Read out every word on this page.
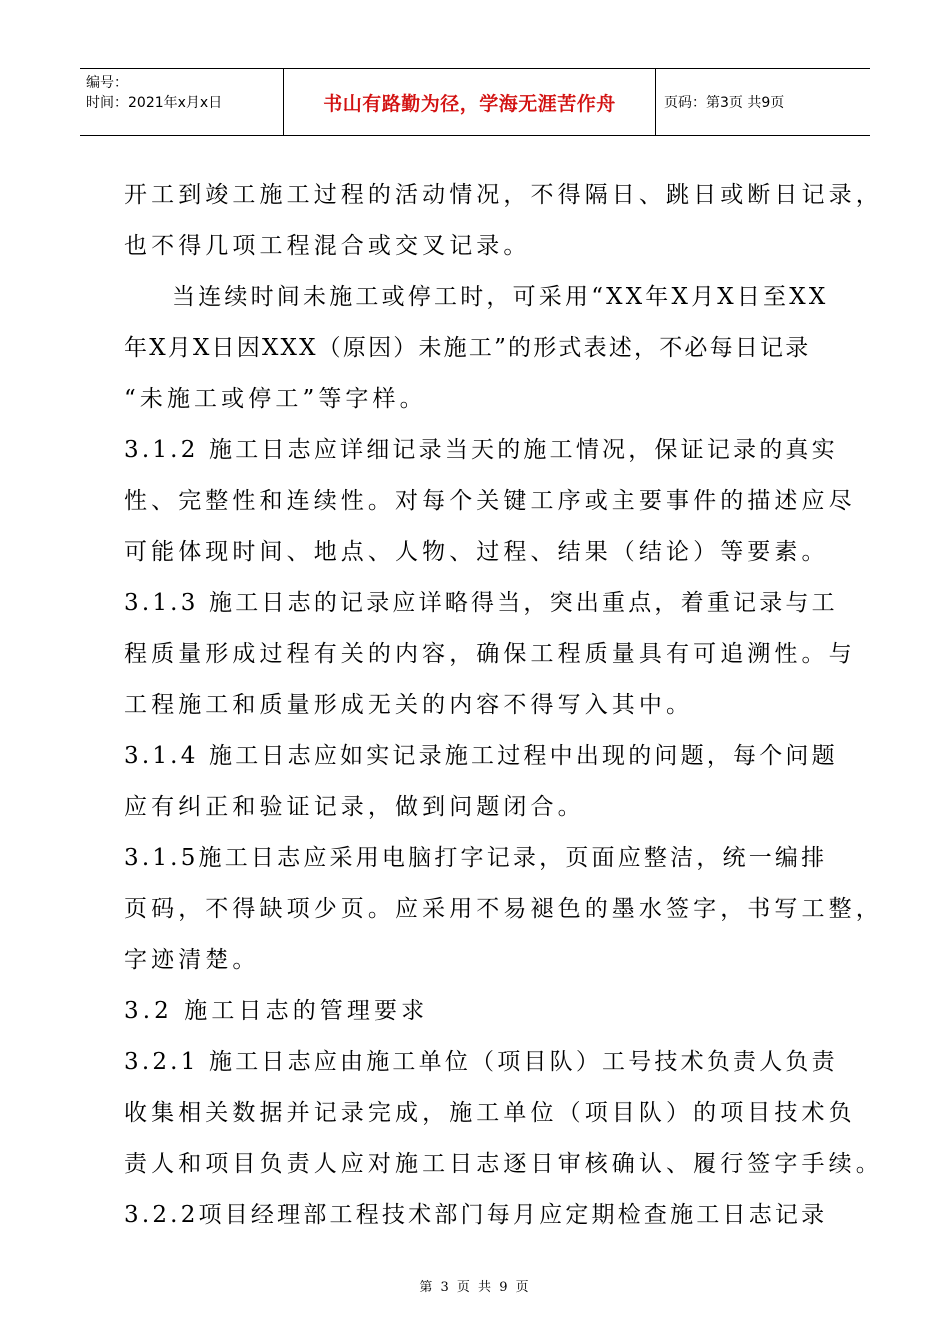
编号：
时间：2021年x月x日	书山有路勤为径，学海无涯苦作舟	页码：第3页 共9页
开工到竣工施工过程的活动情况，不得隔日、跳日或断日记录，
也不得几项工程混合或交叉记录。
当连续时间未施工或停工时，可采用“XX年X月X日至XX
年X月X日因XXX（原因）未施工”的形式表述，不必每日记录
“未施工或停工”等字样。
3.1.2 施工日志应详细记录当天的施工情况，保证记录的真实
性、完整性和连续性。对每个关键工序或主要事件的描述应尽
可能体现时间、地点、人物、过程、结果（结论）等要素。
3.1.3 施工日志的记录应详略得当，突出重点，着重记录与工
程质量形成过程有关的内容，确保工程质量具有可追溯性。与
工程施工和质量形成无关的内容不得写入其中。
3.1.4 施工日志应如实记录施工过程中出现的问题，每个问题
应有纠正和验证记录，做到问题闭合。
3.1.5施工日志应采用电脑打字记录，页面应整洁，统一编排
页码，不得缺项少页。应采用不易褪色的墨水签字，书写工整，
字迹清楚。
3.2 施工日志的管理要求
3.2.1 施工日志应由施工单位（项目队）工号技术负责人负责
收集相关数据并记录完成，施工单位（项目队）的项目技术负
责人和项目负责人应对施工日志逐日审核确认、履行签字手续。
3.2.2项目经理部工程技术部门每月应定期检查施工日志记录
第 3 页 共 9 页
